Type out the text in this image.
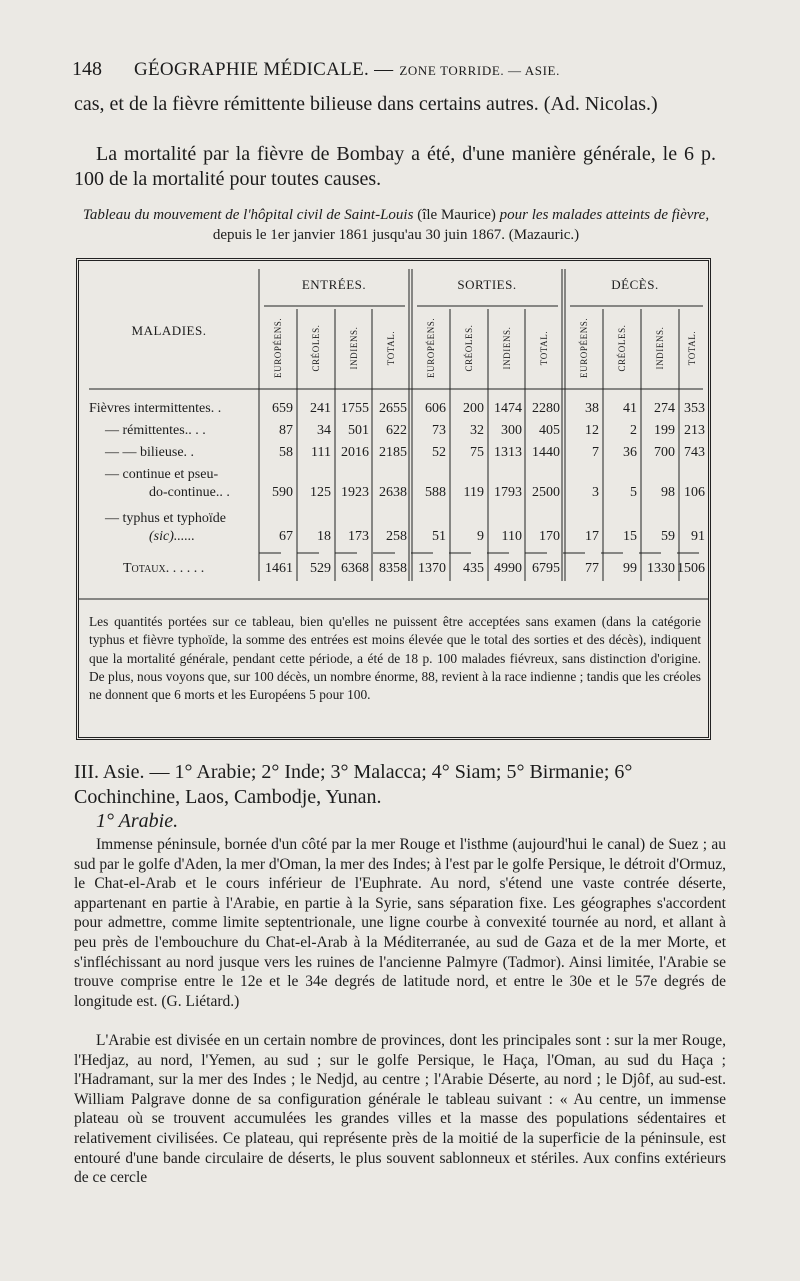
148 GÉOGRAPHIE MÉDICALE. — ZONE TORRIDE. — ASIE.
cas, et de la fièvre rémittente bilieuse dans certains autres. (Ad. Nicolas.)
La mortalité par la fièvre de Bombay a été, d'une manière générale, le 6 p. 100 de la mortalité pour toutes causes.
Tableau du mouvement de l'hôpital civil de Saint-Louis (île Maurice) pour les malades atteints de fièvre, depuis le 1er janvier 1861 jusqu'au 30 juin 1867. (Mazauric.)
ENTRÉES.	SORTIES.	DÉCÈS.
MALADIES.	EUROPÉENS.	CRÉOLES.	INDIENS.	TOTAL.	EUROPÉENS.	CRÉOLES.	INDIENS.	TOTAL.	EUROPÉENS.	CRÉOLES.	INDIENS. TOTAL.
Fièvres intermittentes. .	659 241 1755 2655 606 200 1474 2280 38 41 274 353
— rémittentes.. . .	87 34 501 622 73 32 300 405 12 2 199 213
— — bilieuse. .	58 111 2016 2185 52 75 1313 1440 7 36 700 743
— continue et pseu-
do-continue.. .	590 125 1923 2638 588 119 1793 2500 3 5 98 106
— typhus et typhoïde
(sic)......	67 18 173 258 51 9 110 170 17 15 59 91
Totaux. . . . . .	1461 529 6368 8358 1370 435 4990 6795 77 99 1330 1506
Les quantités portées sur ce tableau, bien qu'elles ne puissent être acceptées sans examen (dans la catégorie typhus et fièvre typhoïde, la somme des entrées est moins élevée que le total des sorties et des décès), indiquent que la mortalité générale, pendant cette période, a été de 18 p. 100 malades fiévreux, sans distinction d'origine. De plus, nous voyons que, sur 100 décès, un nombre énorme, 88, revient à la race indienne ; tandis que les créoles ne donnent que 6 morts et les Européens 5 pour 100.
III. Asie. — 1° Arabie; 2° Inde; 3° Malacca; 4° Siam; 5° Birmanie; 6° Cochinchine, Laos, Cambodje, Yunan.
1° Arabie.
Immense péninsule, bornée d'un côté par la mer Rouge et l'isthme (aujourd'hui le canal) de Suez ; au sud par le golfe d'Aden, la mer d'Oman, la mer des Indes; à l'est par le golfe Persique, le détroit d'Ormuz, le Chat-el-Arab et le cours inférieur de l'Euphrate. Au nord, s'étend une vaste contrée déserte, appartenant en partie à l'Arabie, en partie à la Syrie, sans séparation fixe. Les géographes s'accordent pour admettre, comme limite septentrionale, une ligne courbe à convexité tournée au nord, et allant à peu près de l'embouchure du Chat-el-Arab à la Méditerranée, au sud de Gaza et de la mer Morte, et s'infléchissant au nord jusque vers les ruines de l'ancienne Palmyre (Tadmor). Ainsi limitée, l'Arabie se trouve comprise entre le 12e et le 34e degrés de latitude nord, et entre le 30e et le 57e degrés de longitude est. (G. Liétard.)
L'Arabie est divisée en un certain nombre de provinces, dont les principales sont : sur la mer Rouge, l'Hedjaz, au nord, l'Yemen, au sud ; sur le golfe Persique, le Haça, l'Oman, au sud du Haça ; l'Hadramant, sur la mer des Indes ; le Nedjd, au centre ; l'Arabie Déserte, au nord ; le Djôf, au sud-est. William Palgrave donne de sa configuration générale le tableau suivant : « Au centre, un immense plateau où se trouvent accumulées les grandes villes et la masse des populations sédentaires et relativement civilisées. Ce plateau, qui représente près de la moitié de la superficie de la péninsule, est entouré d'une bande circulaire de déserts, le plus souvent sablonneux et stériles. Aux confins extérieurs de ce cercle
